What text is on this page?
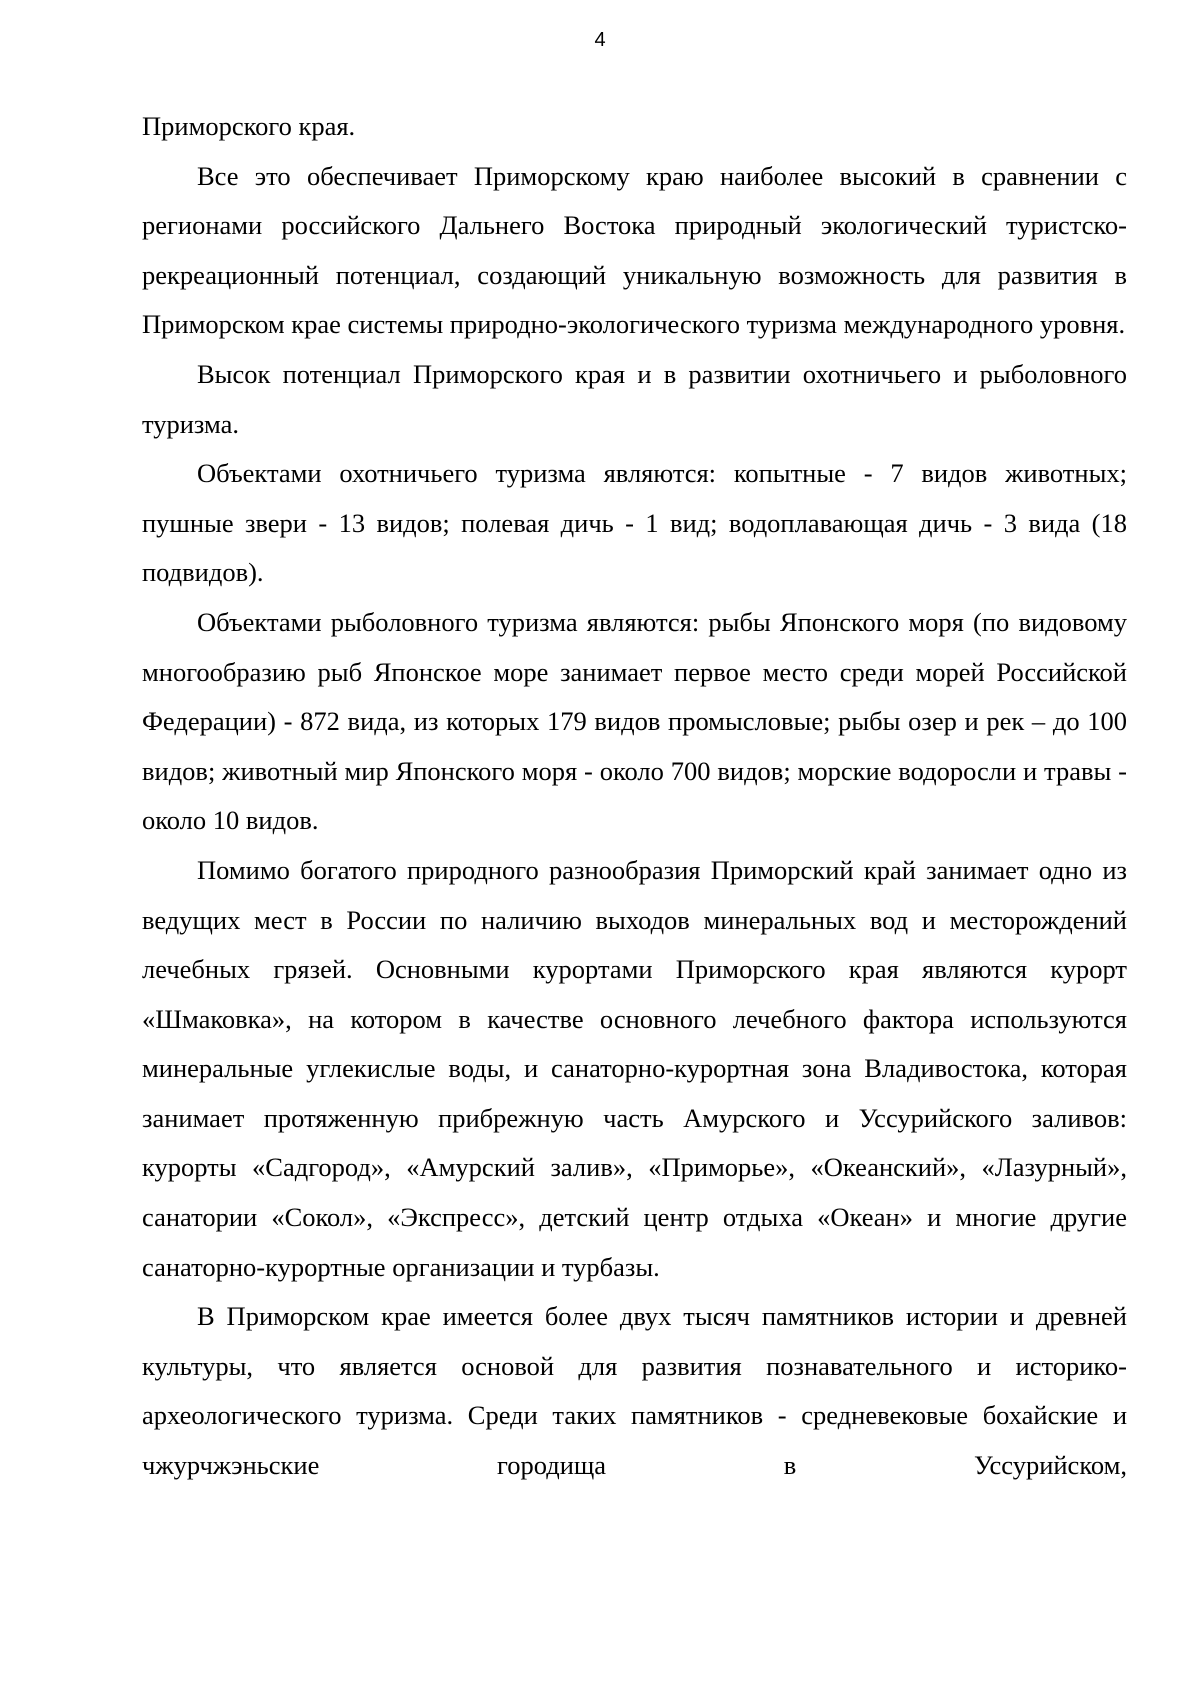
4

Приморского края.

Все это обеспечивает Приморскому краю наиболее высокий в сравнении с регионами российского Дальнего Востока природный экологический туристско-рекреационный потенциал, создающий уникальную возможность для развития в Приморском крае системы природно-экологического туризма международного уровня.

Высок потенциал Приморского края и в развитии охотничьего и рыболовного туризма.

Объектами охотничьего туризма являются: копытные - 7 видов животных; пушные звери - 13 видов; полевая дичь - 1 вид; водоплавающая дичь - 3 вида (18 подвидов).

Объектами рыболовного туризма являются: рыбы Японского моря (по видовому многообразию рыб Японское море занимает первое место среди морей Российской Федерации) - 872 вида, из которых 179 видов промысловые; рыбы озер и рек – до 100 видов; животный мир Японского моря - около 700 видов; морские водоросли и травы - около 10 видов.

Помимо богатого природного разнообразия Приморский край занимает одно из ведущих мест в России по наличию выходов минеральных вод и месторождений лечебных грязей. Основными курортами Приморского края являются курорт «Шмаковка», на котором в качестве основного лечебного фактора используются минеральные углекислые воды, и санаторно-курортная зона Владивостока, которая занимает протяженную прибрежную часть Амурского и Уссурийского заливов: курорты «Садгород», «Амурский залив», «Приморье», «Океанский», «Лазурный», санатории «Сокол», «Экспресс», детский центр отдыха «Океан» и многие другие санаторно-курортные организации и турбазы.

В Приморском крае имеется более двух тысяч памятников истории и древней культуры, что является основой для развития познавательного и историко-археологического туризма. Среди таких памятников - средневековые бохайские и чжурчжэньские городища в Уссурийском,
